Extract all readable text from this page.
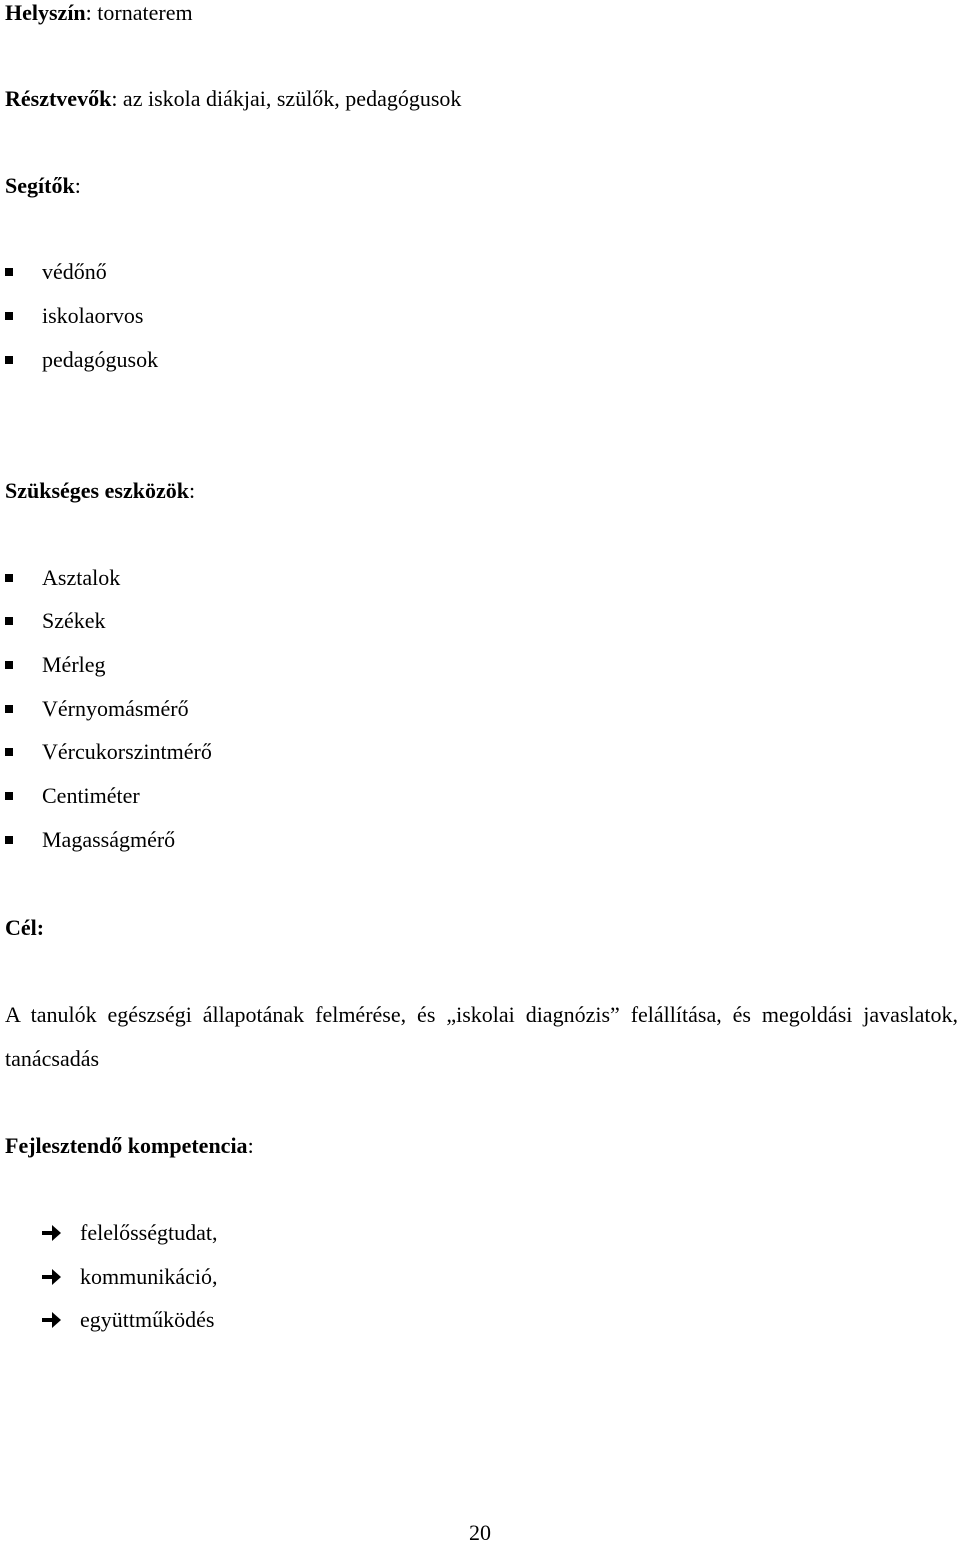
Helyszín: tornaterem
Résztvevők: az iskola diákjai, szülők, pedagógusok
Segítők:
védőnő
iskolaorvos
pedagógusok
Szükséges eszközök:
Asztalok
Székek
Mérleg
Vérnyomásmérő
Vércukorszintmérő
Centiméter
Magasságmérő
Cél:
A tanulók egészségi állapotának felmérése, és „iskolai diagnózis” felállítása, és megoldási javaslatok, tanácsadás
Fejlesztendő kompetencia:
felelősségtudat,
kommunikáció,
együttműködés
20
